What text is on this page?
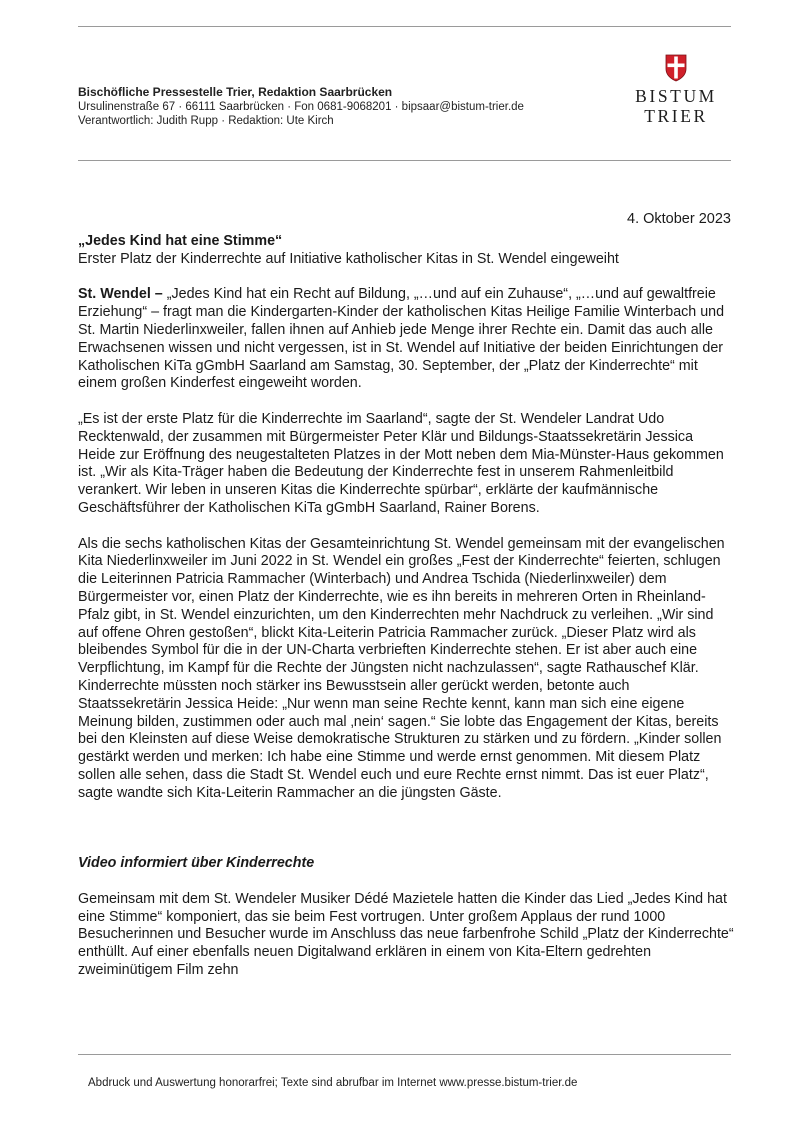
Bischöfliche Pressestelle Trier, Redaktion Saarbrücken
Ursulinenstraße 67 · 66111 Saarbrücken · Fon 0681-9068201 · bipsaar@bistum-trier.de
Verantwortlich: Judith Rupp · Redaktion: Ute Kirch
BISTUM
TRIER
4. Oktober 2023

„Jedes Kind hat eine Stimme“

Erster Platz der Kinderrechte auf Initiative katholischer Kitas in St. Wendel eingeweiht

St. Wendel – „Jedes Kind hat ein Recht auf Bildung, „…und auf ein Zuhause“, „…und auf gewaltfreie Erziehung“ – fragt man die Kindergarten-Kinder der katholischen Kitas Heilige Familie Winterbach und St. Martin Niederlinxweiler, fallen ihnen auf Anhieb jede Menge ihrer Rechte ein. Damit das auch alle Erwachsenen wissen und nicht vergessen, ist in St. Wendel auf Initiative der beiden Einrichtungen der Katholischen KiTa gGmbH Saarland am Samstag, 30. September, der „Platz der Kinderrechte“ mit einem großen Kinderfest eingeweiht worden.

„Es ist der erste Platz für die Kinderrechte im Saarland“, sagte der St. Wendeler Landrat Udo Recktenwald, der zusammen mit Bürgermeister Peter Klär und Bildungs-Staatssekretärin Jessica Heide zur Eröffnung des neugestalteten Platzes in der Mott neben dem Mia-Münster-Haus gekommen ist. „Wir als Kita-Träger haben die Bedeutung der Kinderrechte fest in unserem Rahmenleitbild verankert. Wir leben in unseren Kitas die Kinderrechte spürbar“, erklärte der kaufmännische Geschäftsführer der Katholischen KiTa gGmbH Saarland, Rainer Borens.

Als die sechs katholischen Kitas der Gesamteinrichtung St. Wendel gemeinsam mit der evangelischen Kita Niederlinxweiler im Juni 2022 in St. Wendel ein großes „Fest der Kinderrechte“ feierten, schlugen die Leiterinnen Patricia Rammacher (Winterbach) und Andrea Tschida (Niederlinxweiler) dem Bürgermeister vor, einen Platz der Kinderrechte, wie es ihn bereits in mehreren Orten in Rheinland-Pfalz gibt, in St. Wendel einzurichten, um den Kinderrechten mehr Nachdruck zu verleihen. „Wir sind auf offene Ohren gestoßen“, blickt Kita-Leiterin Patricia Rammacher zurück. „Dieser Platz wird als bleibendes Symbol für die in der UN-Charta verbrieften Kinderrechte stehen. Er ist aber auch eine Verpflichtung, im Kampf für die Rechte der Jüngsten nicht nachzulassen“, sagte Rathauschef Klär. Kinderrechte müssten noch stärker ins Bewusstsein aller gerückt werden, betonte auch Staatssekretärin Jessica Heide: „Nur wenn man seine Rechte kennt, kann man sich eine eigene Meinung bilden, zustimmen oder auch mal ‚nein‘ sagen.“ Sie lobte das Engagement der Kitas, bereits bei den Kleinsten auf diese Weise demokratische Strukturen zu stärken und zu fördern. „Kinder sollen gestärkt werden und merken: Ich habe eine Stimme und werde ernst genommen. Mit diesem Platz sollen alle sehen, dass die Stadt St. Wendel euch und eure Rechte ernst nimmt. Das ist euer Platz“, sagte wandte sich Kita-Leiterin Rammacher an die jüngsten Gäste.

Video informiert über Kinderrechte

Gemeinsam mit dem St. Wendeler Musiker Dédé Mazietele hatten die Kinder das Lied „Jedes Kind hat eine Stimme“ komponiert, das sie beim Fest vortrugen. Unter großem Applaus der rund 1000 Besucherinnen und Besucher wurde im Anschluss das neue farbenfrohe Schild „Platz der Kinderrechte“ enthüllt. Auf einer ebenfalls neuen Digitalwand erklären in einem von Kita-Eltern gedrehten zweiminütigem Film zehn

Abdruck und Auswertung honorarfrei; Texte sind abrufbar im Internet www.presse.bistum-trier.de
